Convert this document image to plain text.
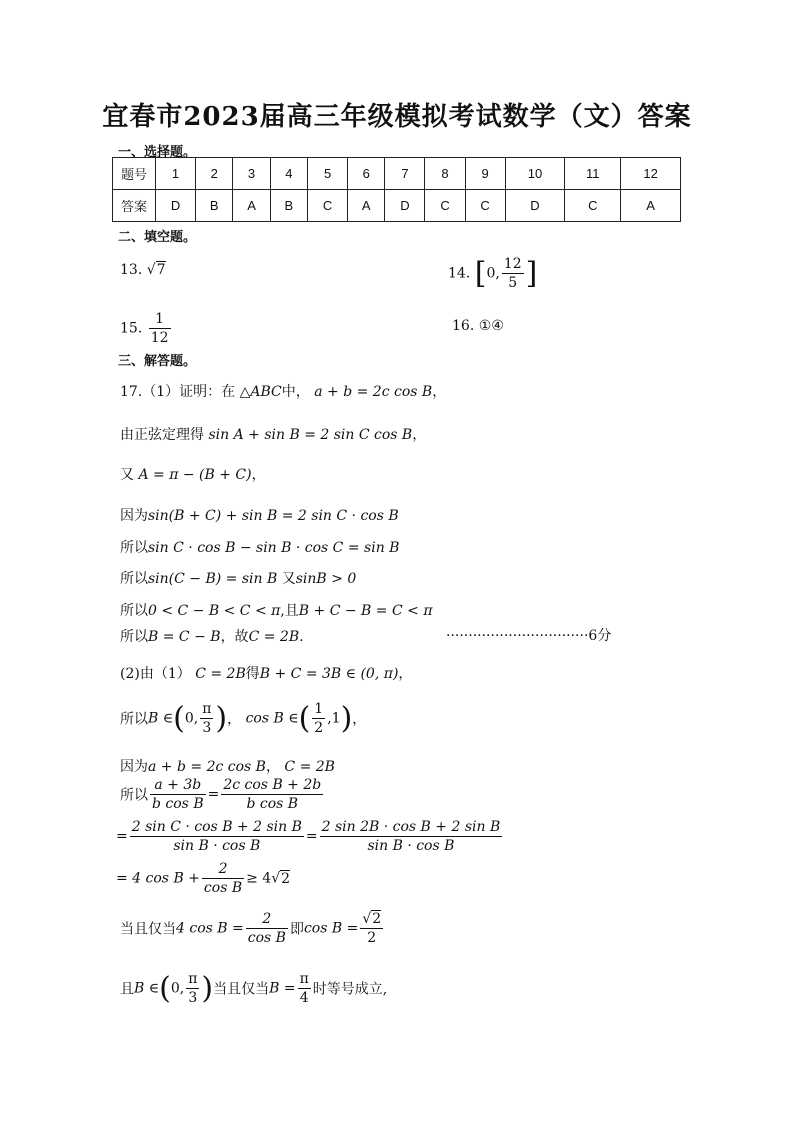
宜春市2023届高三年级模拟考试数学（文）答案
一、选择题。
题号	1	2	3	4	5	6	7	8	9	10	11	12
答案	D	B	A	B	C	A	D	C	C	D	C	A
二、填空题。
13. √7	14. [0, $\frac{12}{5}$ ]
15. $\frac{1}{12}$	16. ①④
三、解答题。
17.（1）证明：在 △ABC中， a + b = 2c cos B，
由正弦定理得 sin A + sin B = 2 sin C cos B，
又 A = π − (B + C)，
因为sin(B + C) + sin B = 2 sin C · cos B
所以sin C · cos B − sin B · cos C = sin B
所以sin(C − B) = sin B 又sinB > 0
所以0 < C − B < C < π,且B + C − B = C < π
所以B = C − B，故C = 2B.	································6分
(2)由（1） C = 2B得B + C = 3B ∈ (0, π)，
所以B ∈(0, $\frac{\pi}{3}$ )， cos B ∈( $\frac{1}{2} ,1$)，
因为a + b = 2c cos B， C = 2B
所以 $\frac{a + 3b}{\text{b cos B}} = \frac{\text{2c cos B + 2b}}{\text{b cos B}}$
= $\frac{\text{2 sin C · cos B + 2 sin B}}{\text{sin B · cos B}} = \frac{\text{2 sin 2B · cos B + 2 sin B}}{\text{sin B · cos B}}$
= 4 $\cos B + \frac{2}{\text{cos B}} \ge 4√2$
当且仅当4 $\cos B = \frac{2}{\text{cos B}}$ 即$\cos B = \frac{√2}{2}$
且B ∈(0, $\frac{\pi}{3}$ )当且仅当$B = \frac{\pi}{4}$ 时等号成立,
